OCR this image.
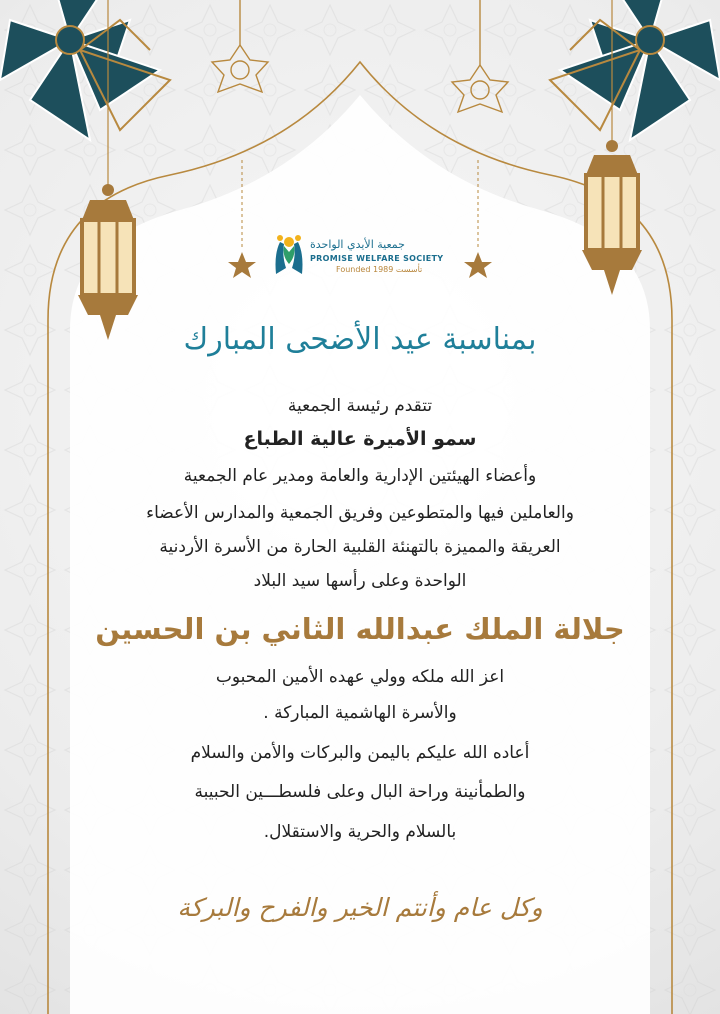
جمعية الأيدي الواحدة
PROMISE WELFARE SOCIETY
Founded 1989 تأسست
بمناسبة عيد الأضحى المبارك
تتقدم رئيسة الجمعية
سمو الأميرة عالية الطباع
وأعضاء الهيئتين الإدارية والعامة ومدير عام الجمعية
والعاملين فيها والمتطوعين وفريق الجمعية والمدارس الأعضاء
العريقة والمميزة بالتهنئة القلبية الحارة من الأسرة الأردنية
الواحدة وعلى رأسها سيد البلاد
جلالة الملك عبدالله الثاني بن الحسين
اعز الله ملكه وولي عهده الأمين المحبوب
والأسرة الهاشمية المباركة .
أعاده الله عليكم باليمن والبركات والأمن والسلام
والطمأنينة وراحة البال وعلى فلسطـــين الحبيبة
بالسلام والحرية والاستقلال.
وكل عام وأنتم الخير والفرح والبركة
